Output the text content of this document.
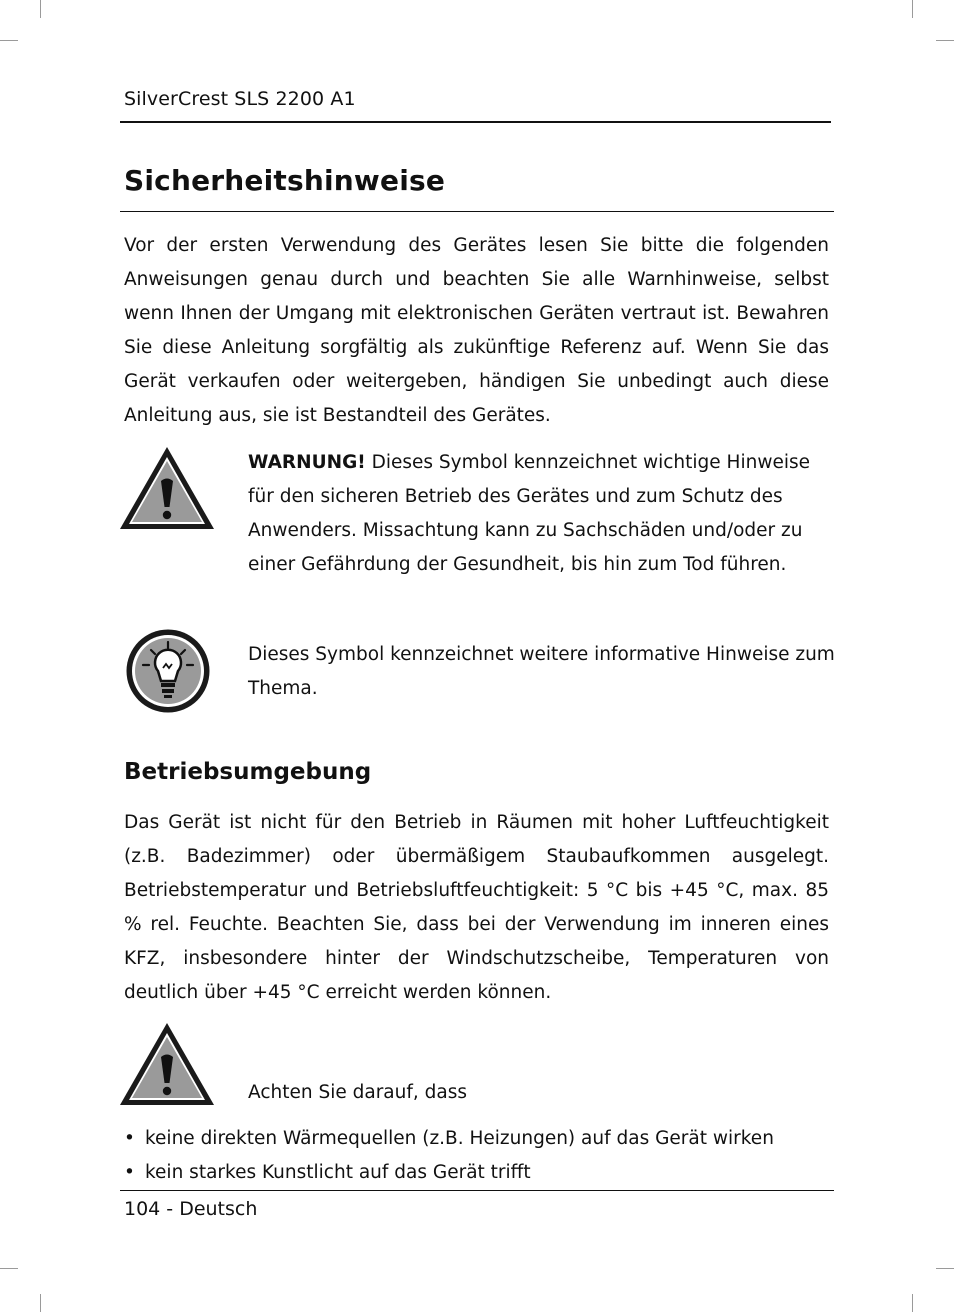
SilverCrest SLS 2200 A1
Sicherheitshinweise

Vor der ersten Verwendung des Gerätes lesen Sie bitte die folgenden Anweisungen genau durch und beachten Sie alle Warnhinweise, selbst wenn Ihnen der Umgang mit elektronischen Geräten vertraut ist. Bewahren Sie diese Anleitung sorgfältig als zukünftige Referenz auf. Wenn Sie das Gerät verkaufen oder weitergeben, händigen Sie unbedingt auch diese Anleitung aus, sie ist Bestandteil des Gerätes.

WARNUNG! Dieses Symbol kennzeichnet wichtige Hinweise für den sicheren Betrieb des Gerätes und zum Schutz des Anwenders. Missachtung kann zu Sachschäden und/oder zu einer Gefährdung der Gesundheit, bis hin zum Tod führen.

Dieses Symbol kennzeichnet weitere informative Hinweise zum Thema.

Betriebsumgebung

Das Gerät ist nicht für den Betrieb in Räumen mit hoher Luftfeuchtigkeit (z.B. Badezimmer) oder übermäßigem Staubaufkommen ausgelegt. Betriebstemperatur und Betriebsluftfeuchtigkeit: 5 °C bis +45 °C, max. 85 % rel. Feuchte. Beachten Sie, dass bei der Verwendung im inneren eines KFZ, insbesondere hinter der Windschutzscheibe, Temperaturen von deutlich über +45 °C erreicht werden können.

Achten Sie darauf, dass

• keine direkten Wärmequellen (z.B. Heizungen) auf das Gerät wirken
• kein starkes Kunstlicht auf das Gerät trifft
104 - Deutsch
